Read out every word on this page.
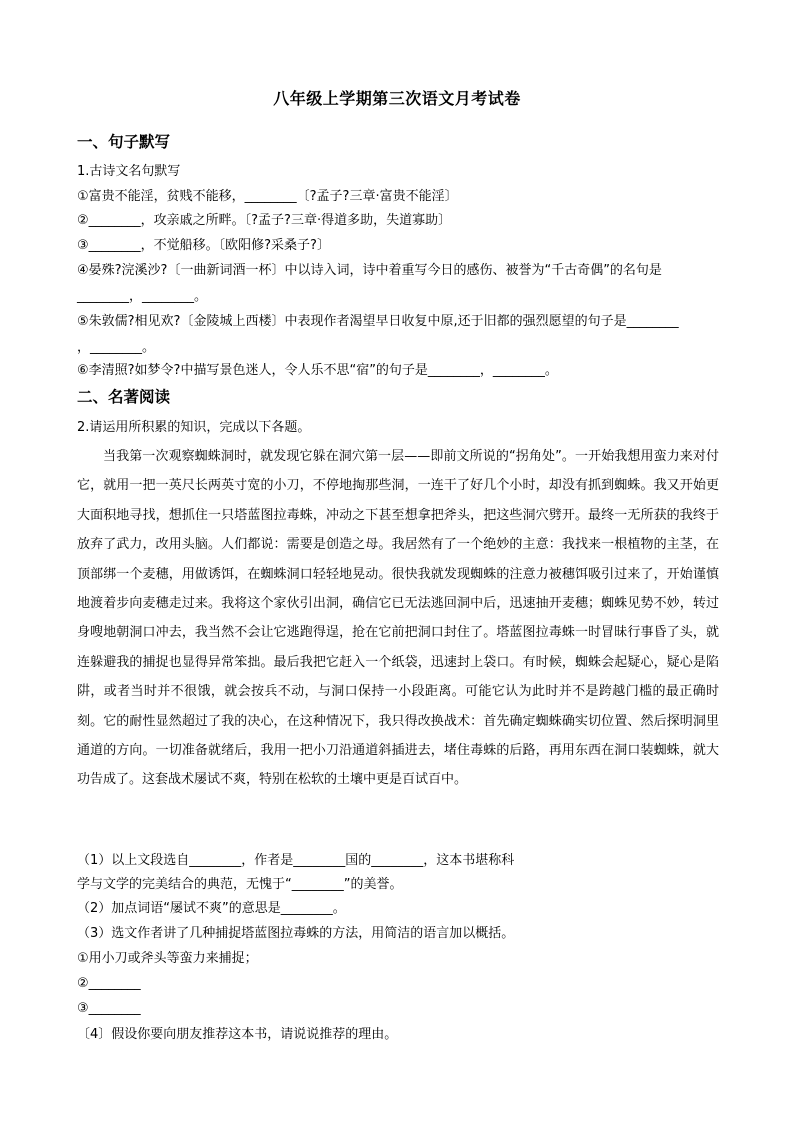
八年级上学期第三次语文月考试卷
一、句子默写
1.古诗文名句默写
①富贵不能淫，贫贱不能移，________〔?孟子?三章·富贵不能淫〕
②________，攻亲戚之所畔。〔?孟子?三章·得道多助，失道寡助〕
③________，不觉船移。〔欧阳修?采桑子?〕
④晏殊?浣溪沙?〔一曲新词酒一杯〕中以诗入词，诗中着重写今日的感伤、被誉为“千古奇偶”的名句是
________，________。
⑤朱敦儒?相见欢?〔金陵城上西楼〕中表现作者渴望早日收复中原,还于旧都的强烈愿望的句子是________
，________。
⑥李清照?如梦令?中描写景色迷人，令人乐不思“宿”的句子是________，________。
二、名著阅读
2.请运用所积累的知识，完成以下各题。
当我第一次观察蜘蛛洞时，就发现它躲在洞穴第一层——即前文所说的“拐角处”。一开始我想用蛮力来对付它，就用一把一英尺长两英寸宽的小刀，不停地掏那些洞，一连干了好几个小时，却没有抓到蜘蛛。我又开始更大面积地寻找，想抓住一只塔蓝图拉毒蛛，冲动之下甚至想拿把斧头，把这些洞穴劈开。最终一无所获的我终于放弃了武力，改用头脑。人们都说：需要是创造之母。我居然有了一个绝妙的主意：我找来一根植物的主茎，在顶部绑一个麦穗，用做诱饵，在蜘蛛洞口轻轻地晃动。很快我就发现蜘蛛的注意力被穗饵吸引过来了，开始谨慎地渡着步向麦穗走过来。我将这个家伙引出洞，确信它已无法逃回洞中后，迅速抽开麦穗；蜘蛛见势不妙，转过身嗖地朝洞口冲去，我当然不会让它逃跑得逞，抢在它前把洞口封住了。塔蓝图拉毒蛛一时冒昧行事昏了头，就连躲避我的捕捉也显得异常笨拙。最后我把它赶入一个纸袋，迅速封上袋口。有时候，蜘蛛会起疑心，疑心是陷阱，或者当时并不很饿，就会按兵不动，与洞口保持一小段距离。可能它认为此时并不是跨越门槛的最正确时刻。它的耐性显然超过了我的决心，在这种情况下，我只得改换战术：首先确定蜘蛛确实切位置、然后探明洞里通道的方向。一切准备就绪后，我用一把小刀沿通道斜插进去，堵住毒蛛的后路，再用东西在洞口装蜘蛛，就大功告成了。这套战术屡试不爽，特别在松软的土壤中更是百试百中。
（1）以上文段选自________，作者是________国的________，这本书堪称科
学与文学的完美结合的典范，无愧于“________”的美誉。
（2）加点词语“屡试不爽”的意思是________。
（3）选文作者讲了几种捕捉塔蓝图拉毒蛛的方法，用简洁的语言加以概括。
①用小刀或斧头等蛮力来捕捉；
②________
③________
〔4〕假设你要向朋友推荐这本书，请说说推荐的理由。
